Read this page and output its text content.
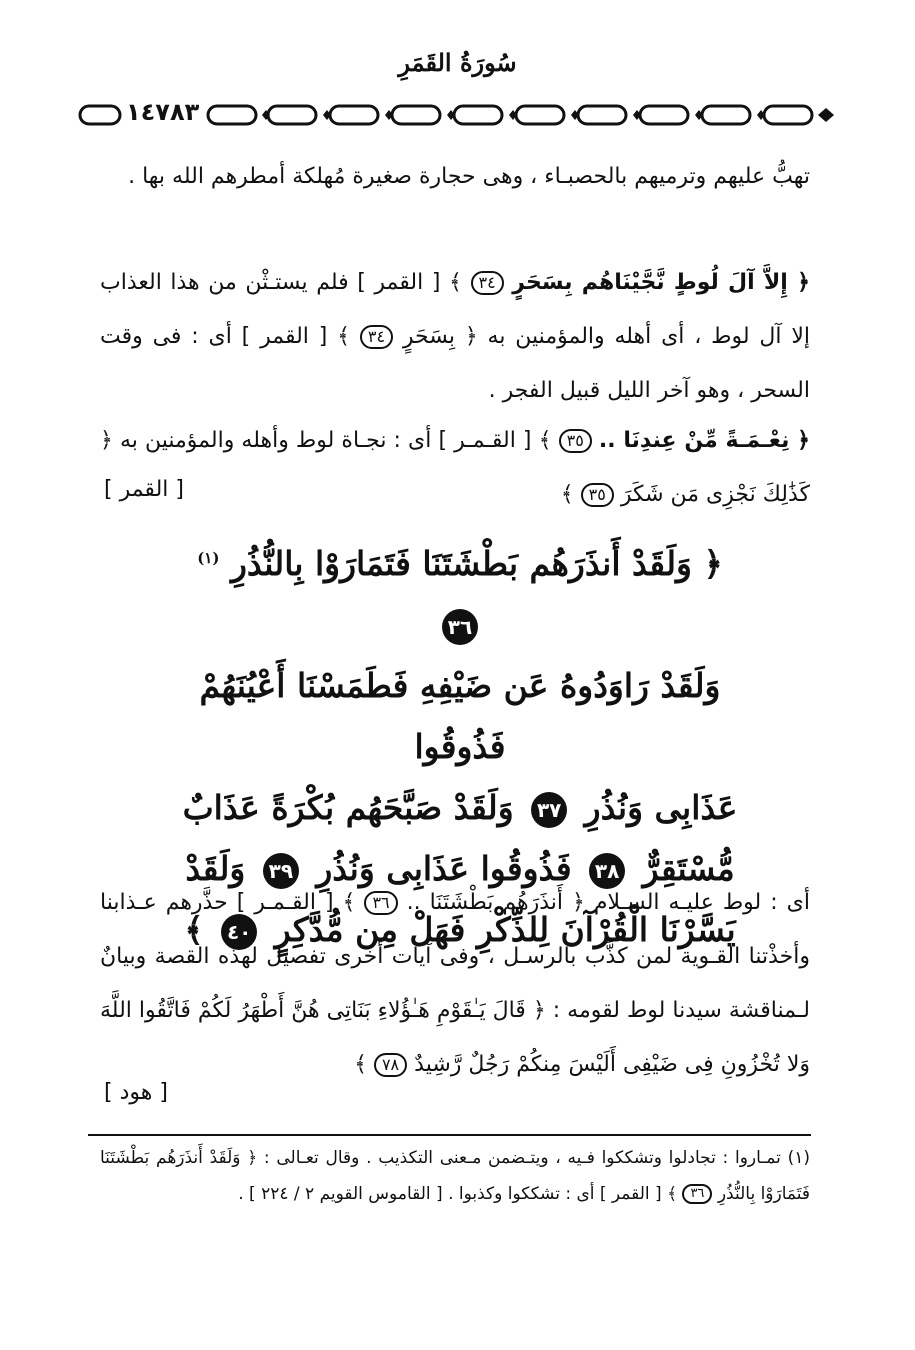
سُورَةُ القَمَرِ
١٤٧٨٣

تهبُّ عليهم وترميهم بالحصبـاء ، وهى حجارة صغيرة مُهلكة أمطرهم الله بها .

﴿ إِلاَّ آلَ لُوطٍ نَّجَّيْنَاهُم بِسَحَرٍ ٣٤ ﴾ [ القمر ] فلم يستـثْن من هذا العذاب إلا آل لوط ، أى أهله والمؤمنين به ﴿ بِسَحَرٍ ٣٤ ﴾ [ القمر ] أى : فى وقت السحر ، وهو آخر الليل قبيل الفجر .

﴿ نِعْـمَـةً مِّنْ عِندِنَا .. ٣٥ ﴾ [ القـمـر ] أى : نجـاة لوط وأهله والمؤمنين به ﴿ كَذَٰلِكَ نَجْزِى مَن شَكَرَ ٣٥ ﴾

[ القمر ]
﴿ وَلَقَدْ أَنذَرَهُم بَطْشَتَنَا فَتَمَارَوْا بِالنُّذُرِ $^{(١)}$ ٣٦
وَلَقَدْ رَاوَدُوهُ عَن ضَيْفِهِ فَطَمَسْنَا أَعْيُنَهُمْ فَذُوقُوا
عَذَابِى وَنُذُرِ ٣٧ وَلَقَدْ صَبَّحَهُم بُكْرَةً عَذَابٌ
مُّسْتَقِرٌّ ٣٨ فَذُوقُوا عَذَابِى وَنُذُرِ ٣٩ وَلَقَدْ
يَسَّرْنَا الْقُرْآنَ لِلذِّكْرِ فَهَلْ مِن مُّدَّكِرٍ ٤٠ ﴾

أى : لوط عليـه السـلام ﴿ أَنذَرَهُم بَطْشَتَنَا .. ٣٦ ﴾ [ القـمـر ] حذَّرهم عـذابنا وأخذْتنا القـوية لمن كذَّب بالرسـل ، وفى آيات أخرى تفصيل لهذه القصة وبيانٌ لـمناقشة سيدنا لوط لقومه : ﴿ قَالَ يَـٰقَوْمِ هَـٰؤُلاءِ بَنَاتِى هُنَّ أَطْهَرُ لَكُمْ فَاتَّقُوا اللَّهَ وَلا تُخْزُونِ فِى ضَيْفِى أَلَيْسَ مِنكُمْ رَجُلٌ رَّشِيدٌ ٧٨ ﴾

[ هود ]

(١) تمـاروا : تجادلوا وتشككوا فـيه ، ويتـضمن مـعنى التكذيب . وقال تعـالى : ﴿ وَلَقَدْ أَنذَرَهُم بَطْشَتَنَا فَتَمَارَوْا بِالنُّذُرِ ٣٦ ﴾ [ القمر ] أى : تشككوا وكذبوا . [ القاموس القويم ٢ / ٢٢٤ ] .
